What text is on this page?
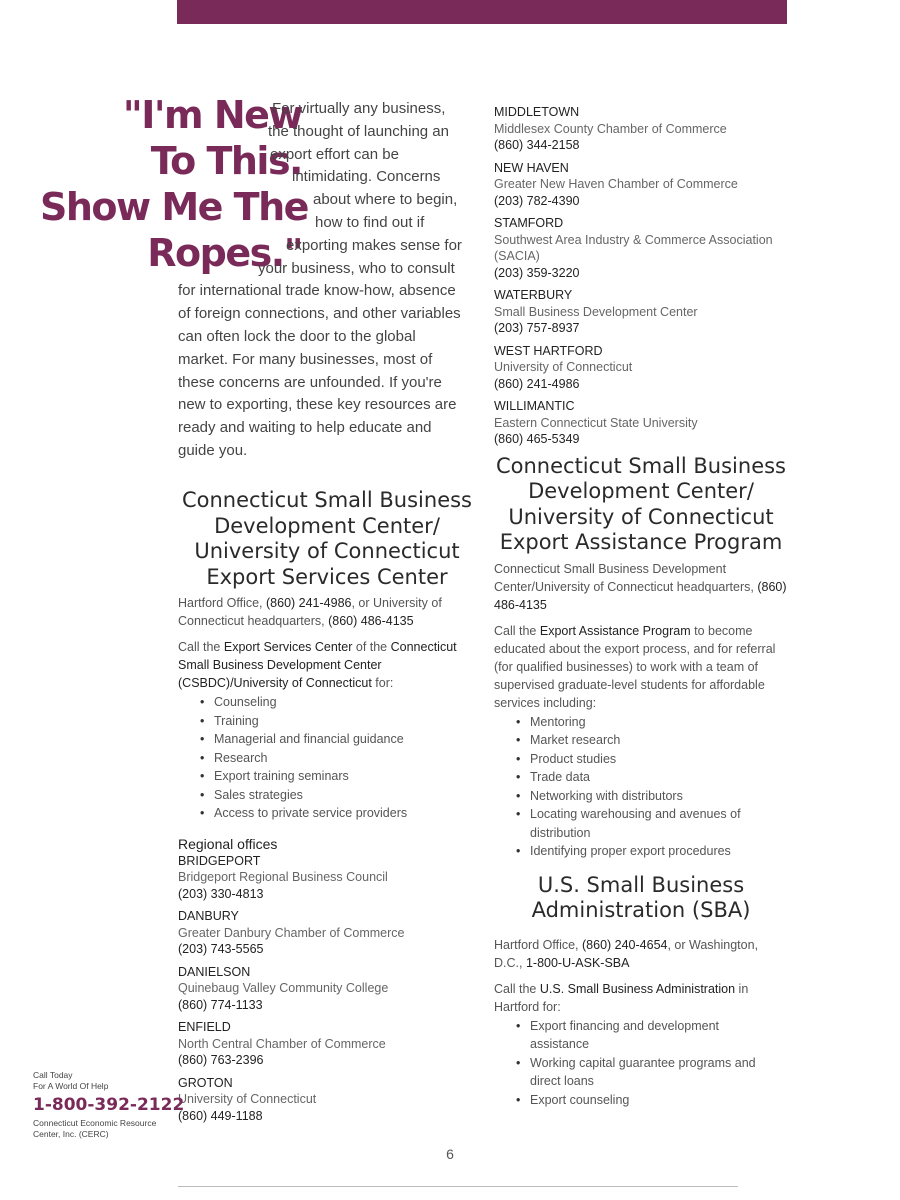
"I'm New
To This.
Show Me The
Ropes."
For virtually any business,
the thought of launching an
export effort can be
intimidating. Concerns
about where to begin,
how to find out if
exporting makes sense for
your business, who to consult
for international trade know-how, absence
of foreign connections, and other variables
can often lock the door to the global
market. For many businesses, most of
these concerns are unfounded. If you're
new to exporting, these key resources are
ready and waiting to help educate and
guide you.
Connecticut Small Business
Development Center/
University of Connecticut
Export Services Center

Hartford Office, (860) 241-4986, or University of Connecticut headquarters, (860) 486-4135

Call the Export Services Center of the Connecticut Small Business Development Center (CSBDC)/University of Connecticut for:

• Counseling
• Training
• Managerial and financial guidance
• Research
• Export training seminars
• Sales strategies
• Access to private service providers

Regional offices

BRIDGEPORT
Bridgeport Regional Business Council
(203) 330-4813
DANBURY
Greater Danbury Chamber of Commerce
(203) 743-5565
DANIELSON
Quinebaug Valley Community College
(860) 774-1133
ENFIELD
North Central Chamber of Commerce
(860) 763-2396
GROTON
University of Connecticut
(860) 449-1188
MIDDLETOWN
Middlesex County Chamber of Commerce
(860) 344-2158
NEW HAVEN
Greater New Haven Chamber of Commerce
(203) 782-4390
STAMFORD
Southwest Area Industry & Commerce Association (SACIA)
(203) 359-3220
WATERBURY
Small Business Development Center
(203) 757-8937
WEST HARTFORD
University of Connecticut
(860) 241-4986
WILLIMANTIC
Eastern Connecticut State University
(860) 465-5349
Connecticut Small Business
Development Center/
University of Connecticut
Export Assistance Program

Connecticut Small Business Development Center/University of Connecticut headquarters, (860) 486-4135

Call the Export Assistance Program to become educated about the export process, and for referral (for qualified businesses) to work with a team of supervised graduate-level students for affordable services including:

• Mentoring
• Market research
• Product studies
• Trade data
• Networking with distributors
• Locating warehousing and avenues of distribution
• Identifying proper export procedures
U.S. Small Business
Administration (SBA)

Hartford Office, (860) 240-4654, or Washington, D.C., 1-800-U-ASK-SBA

Call the U.S. Small Business Administration in Hartford for:

• Export financing and development assistance
• Working capital guarantee programs and direct loans
• Export counseling
Call Today
For A World Of Help
1-800-392-2122
Connecticut Economic Resource Center, Inc. (CERC)
6
